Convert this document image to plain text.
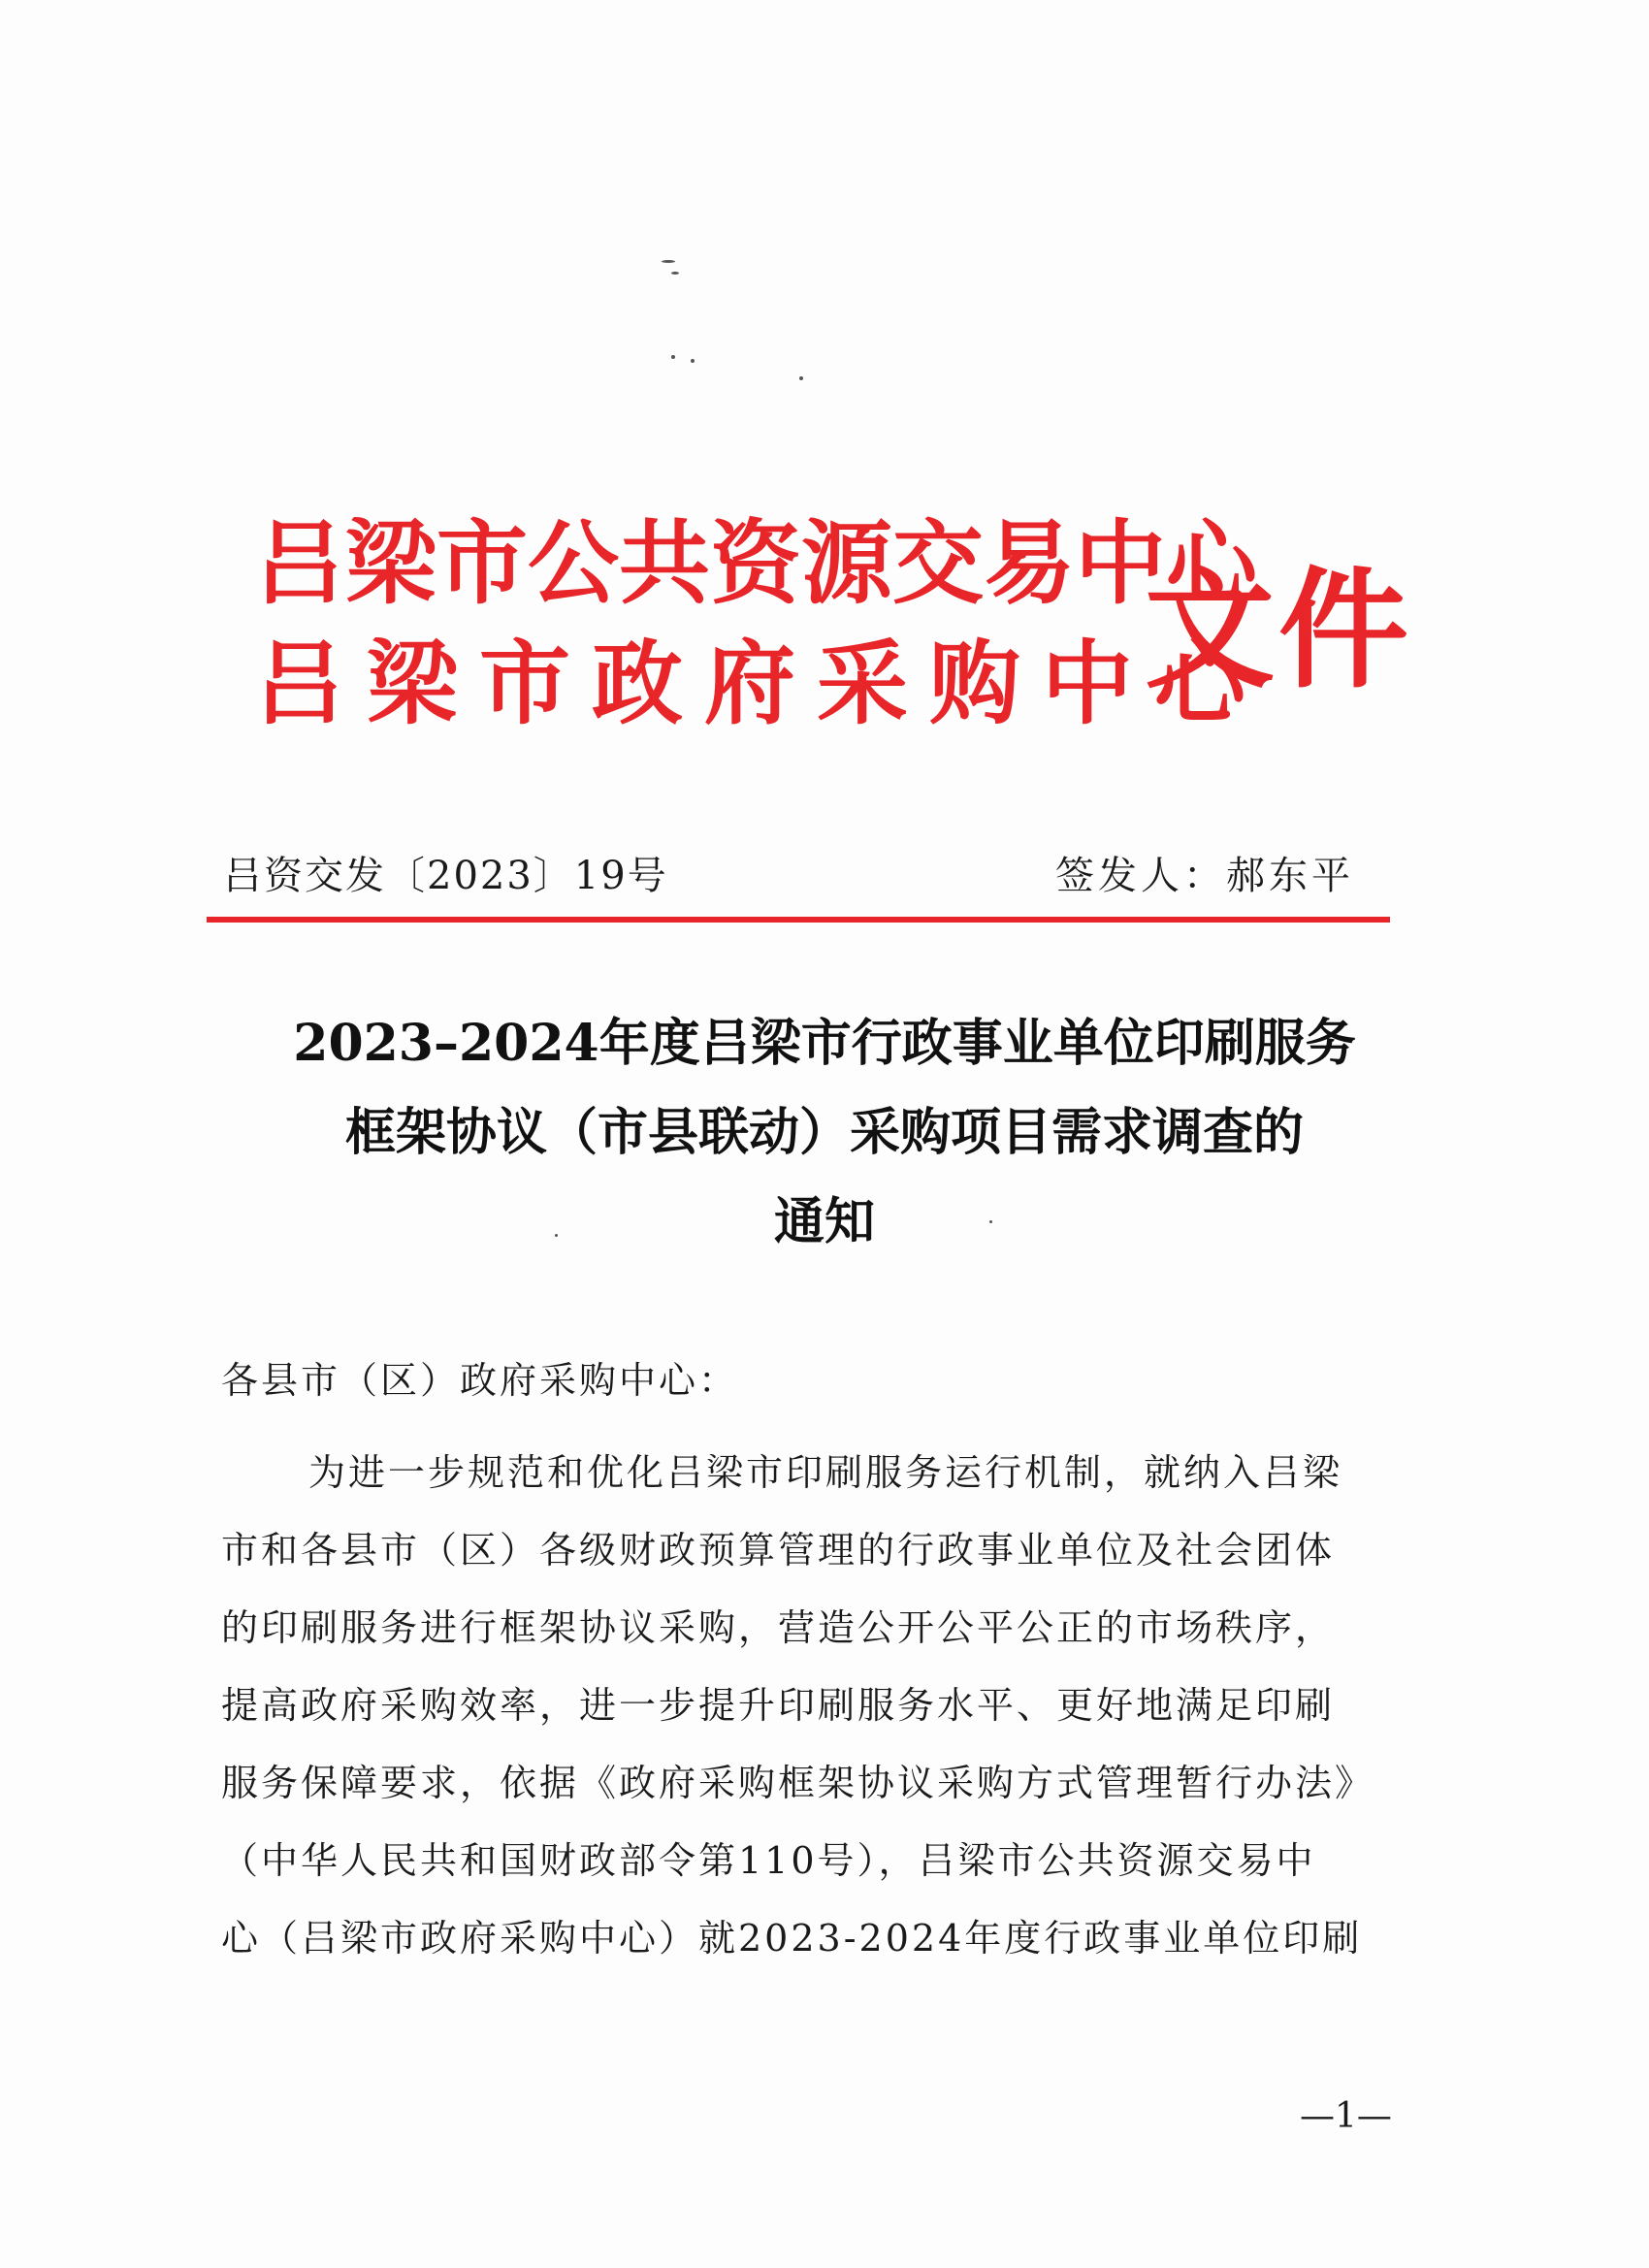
吕梁市公共资源交易中心
吕梁市政府采购中心
文件
吕资交发〔2023〕19号	签发人：郝东平
2023–2024年度吕梁市行政事业单位印刷服务
框架协议（市县联动）采购项目需求调查的
通知
各县市（区）政府采购中心：
为进一步规范和优化吕梁市印刷服务运行机制，就纳入吕梁
市和各县市（区）各级财政预算管理的行政事业单位及社会团体
的印刷服务进行框架协议采购，营造公开公平公正的市场秩序，
提高政府采购效率，进一步提升印刷服务水平、更好地满足印刷
服务保障要求，依据《政府采购框架协议采购方式管理暂行办法》
（中华人民共和国财政部令第110号），吕梁市公共资源交易中
心（吕梁市政府采购中心）就2023-2024年度行政事业单位印刷
—1—
